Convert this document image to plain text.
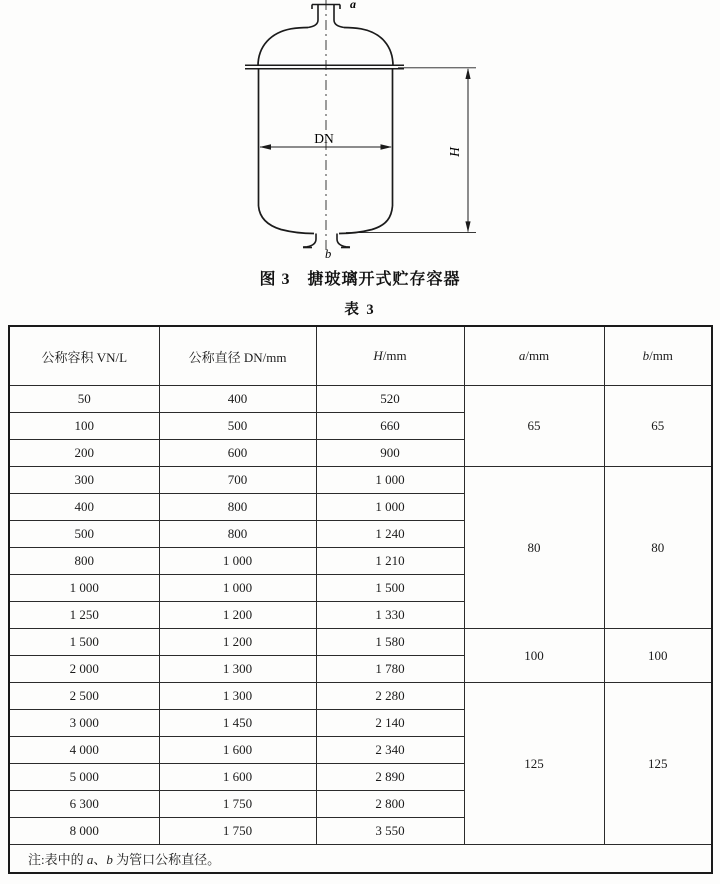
DN
H
a
b
图 3　搪玻璃开式贮存容器
表 3
公称容积 VN/L	公称直径 DN/mm	H/mm	a/mm	b/mm
50	400	520	65	65
100	500	660		
200	600	900		
300	700	1 000	80	80
400	800	1 000		
500	800	1 240		
800	1 000	1 210		
1 000	1 000	1 500		
1 250	1 200	1 330		
1 500	1 200	1 580	100	100
2 000	1 300	1 780		
2 500	1 300	2 280	125	125
3 000	1 450	2 140		
4 000	1 600	2 340		
5 000	1 600	2 890		
6 300	1 750	2 800		
8 000	1 750	3 550		
注:表中的 a、b 为管口公称直径。				
